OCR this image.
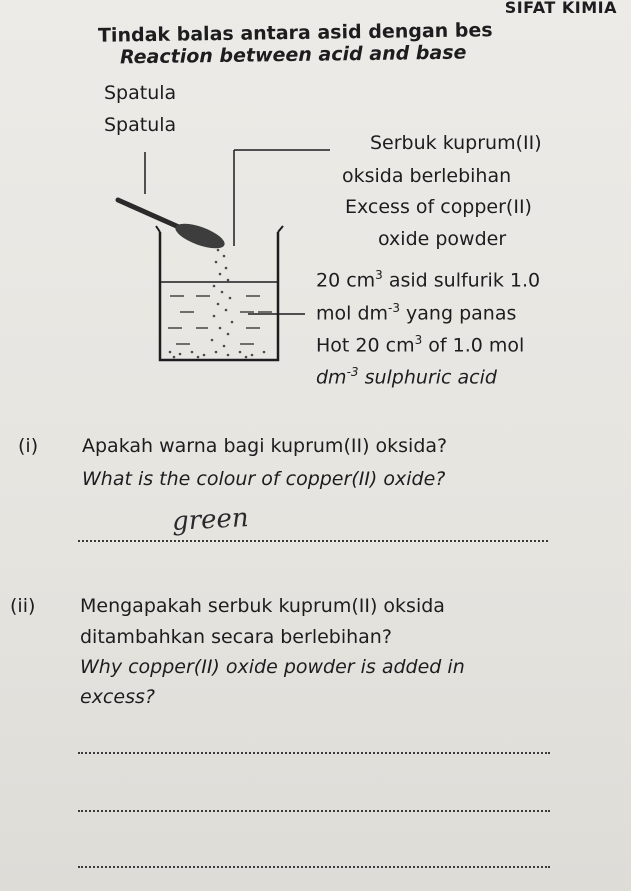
SIFAT KIMIA
Tindak balas antara asid dengan bes
Reaction between acid and base
Spatula
Spatula
Serbuk kuprum(II)
oksida berlebihan
Excess of copper(II)
oxide powder
20 $cm^3$ asid sulfurik 1.0
mol $dm^{-3}$ yang panas
Hot 20 $cm^3$ of 1.0 mol
$dm^{-3}$ sulphuric acid
(i) Apakah warna bagi kuprum(II) oksida?
What is the colour of copper(II) oxide?
green
(ii) Mengapakah serbuk kuprum(II) oksida
ditambahkan secara berlebihan?
Why copper(II) oxide powder is added in
excess?
